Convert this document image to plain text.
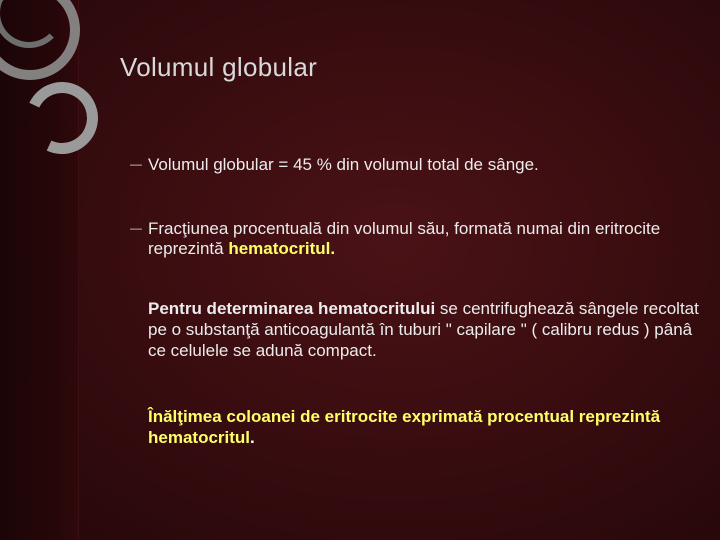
Volumul globular
— Volumul globular = 45 % din volumul total de sânge.
— Fracţiunea procentuală din volumul său, formată numai din eritrocite reprezintă hematocritul.
Pentru determinarea hematocritului se centrifughează sângele recoltat pe o substanţă anticoagulantă în tuburi " capilare " ( calibru redus ) pânâ ce celulele se adună compact.
Înălţimea coloanei de eritrocite exprimată procentual reprezintă hematocritul.
